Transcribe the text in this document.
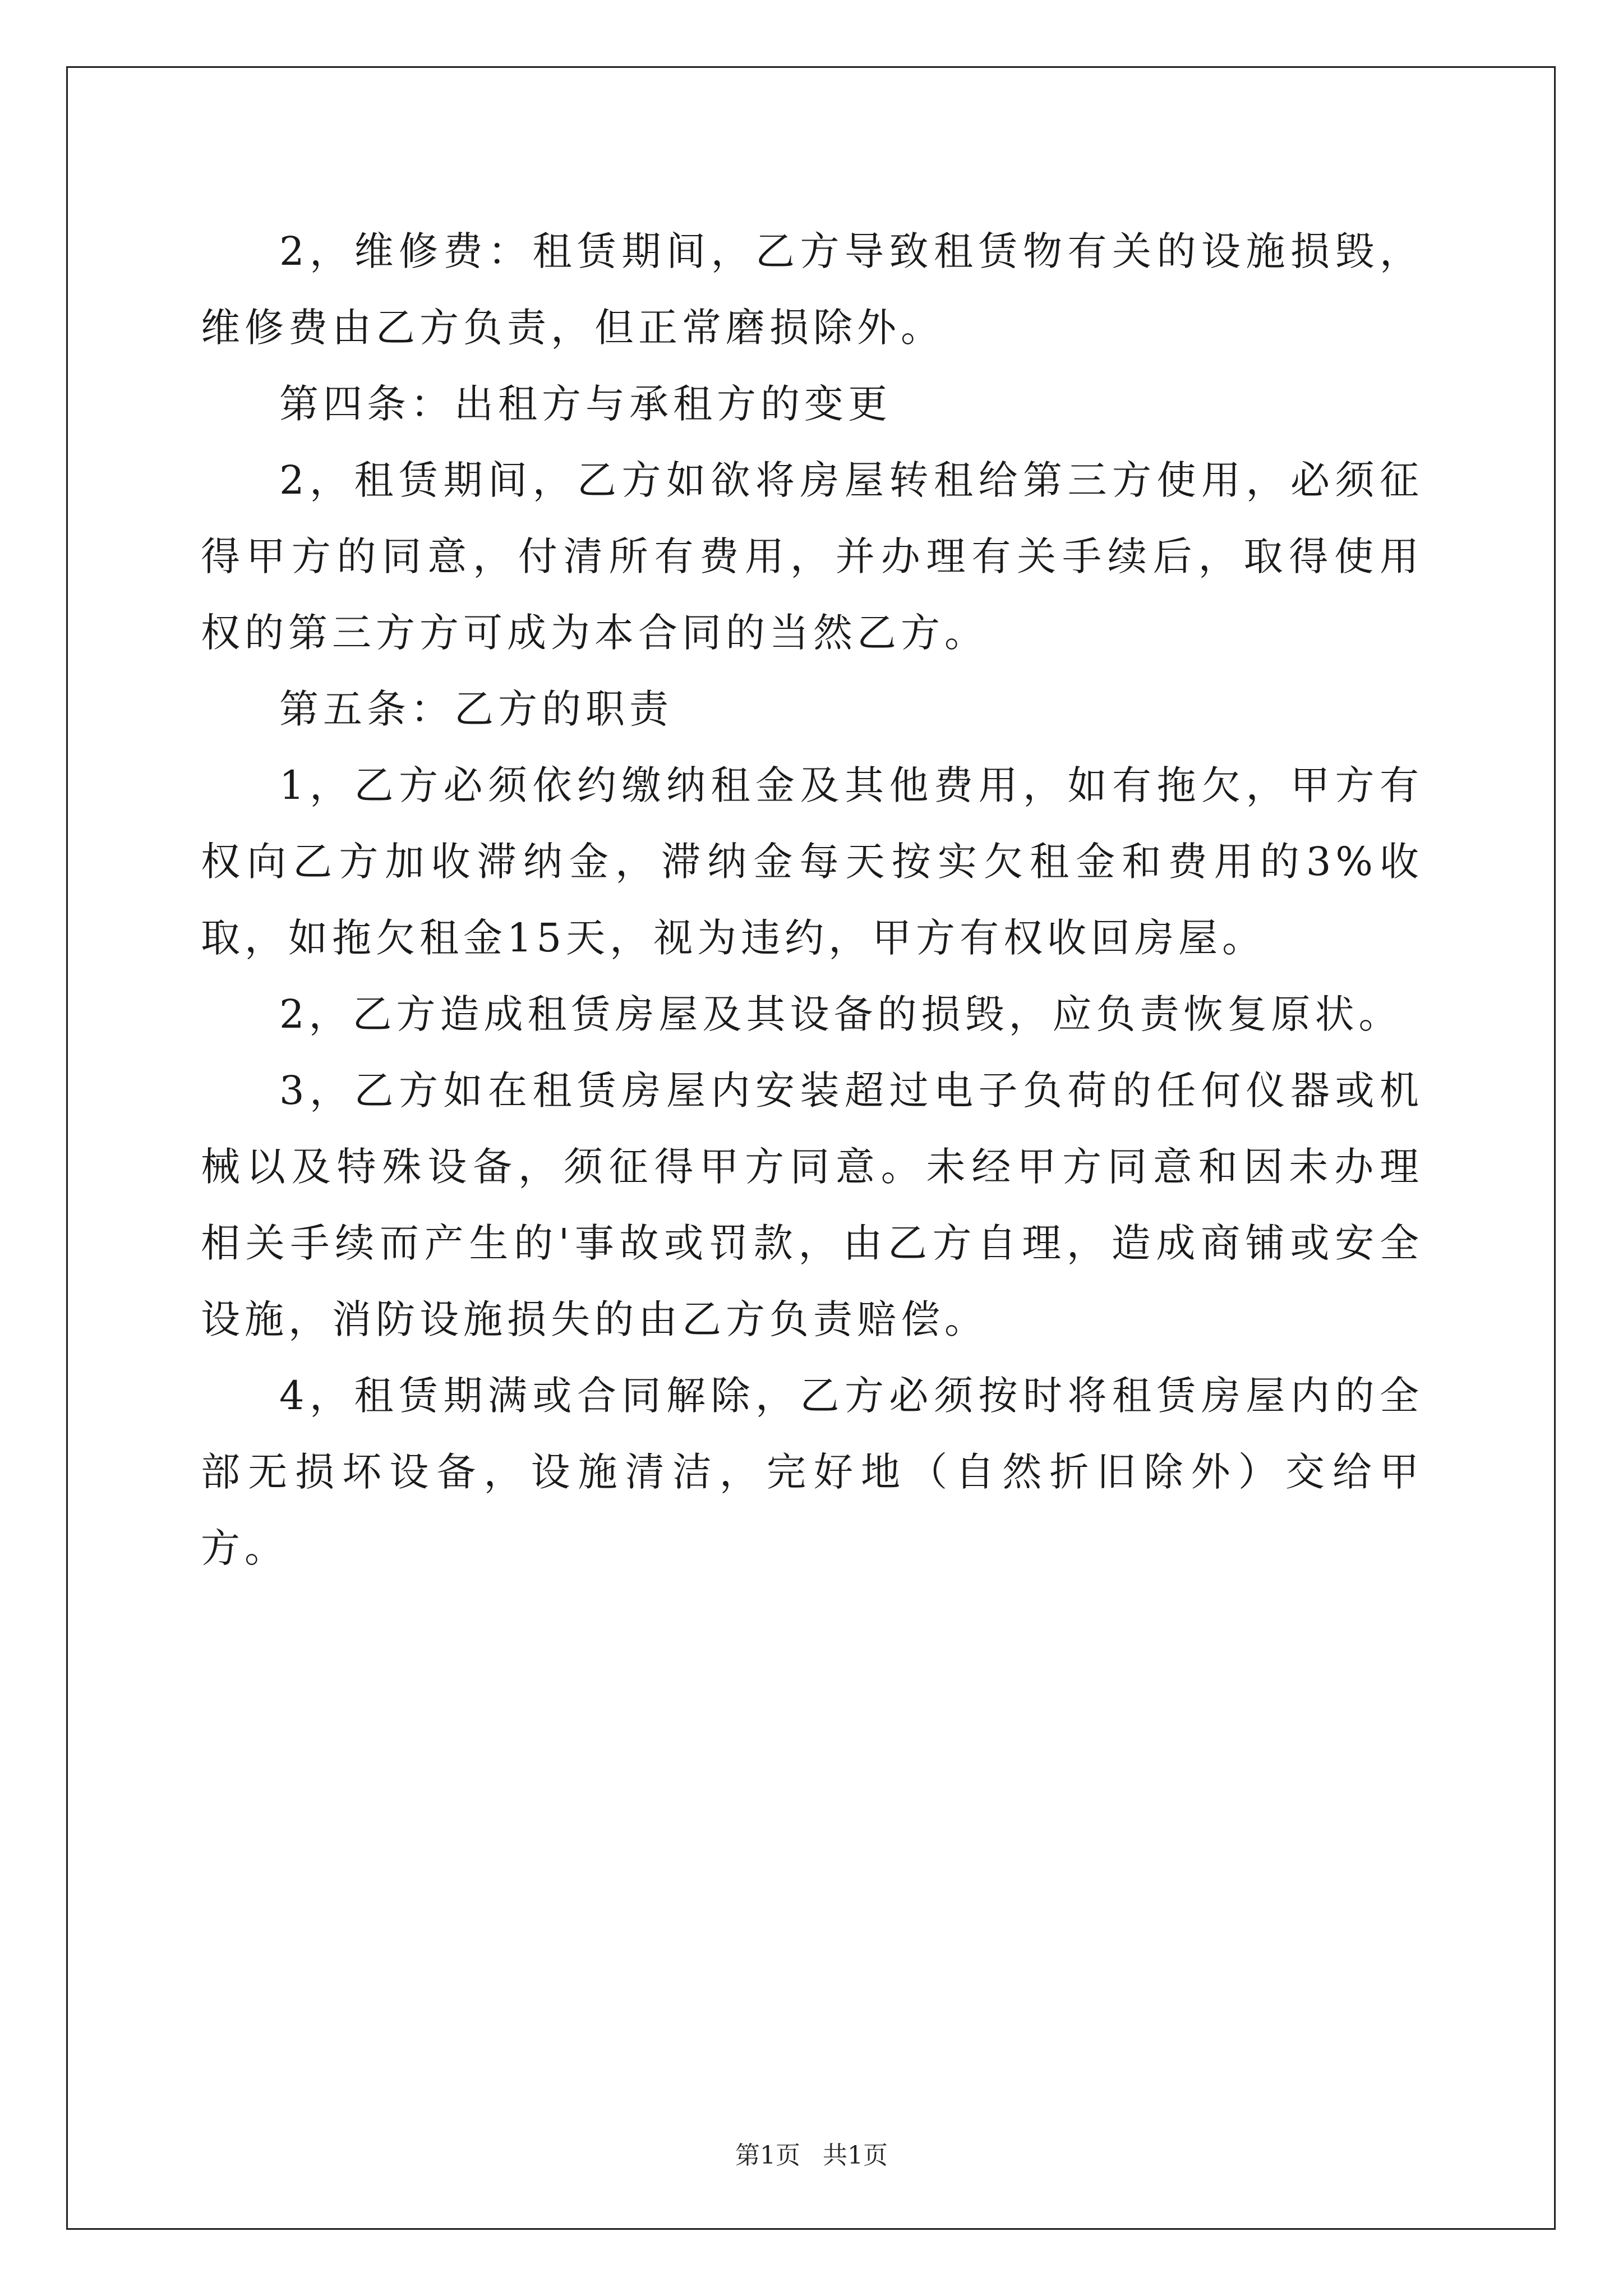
2，维修费：租赁期间，乙方导致租赁物有关的设施损毁，维修费由乙方负责，但正常磨损除外。

第四条：出租方与承租方的变更

2，租赁期间，乙方如欲将房屋转租给第三方使用，必须征得甲方的同意，付清所有费用，并办理有关手续后，取得使用权的第三方方可成为本合同的当然乙方。

第五条：乙方的职责

1，乙方必须依约缴纳租金及其他费用，如有拖欠，甲方有权向乙方加收滞纳金，滞纳金每天按实欠租金和费用的3%收取，如拖欠租金15天，视为违约，甲方有权收回房屋。

2，乙方造成租赁房屋及其设备的损毁，应负责恢复原状。

3，乙方如在租赁房屋内安装超过电子负荷的任何仪器或机械以及特殊设备，须征得甲方同意。未经甲方同意和因未办理相关手续而产生的'事故或罚款，由乙方自理，造成商铺或安全设施，消防设施损失的由乙方负责赔偿。

4，租赁期满或合同解除，乙方必须按时将租赁房屋内的全部无损坏设备，设施清洁，完好地（自然折旧除外）交给甲方。

第1页 共1页
